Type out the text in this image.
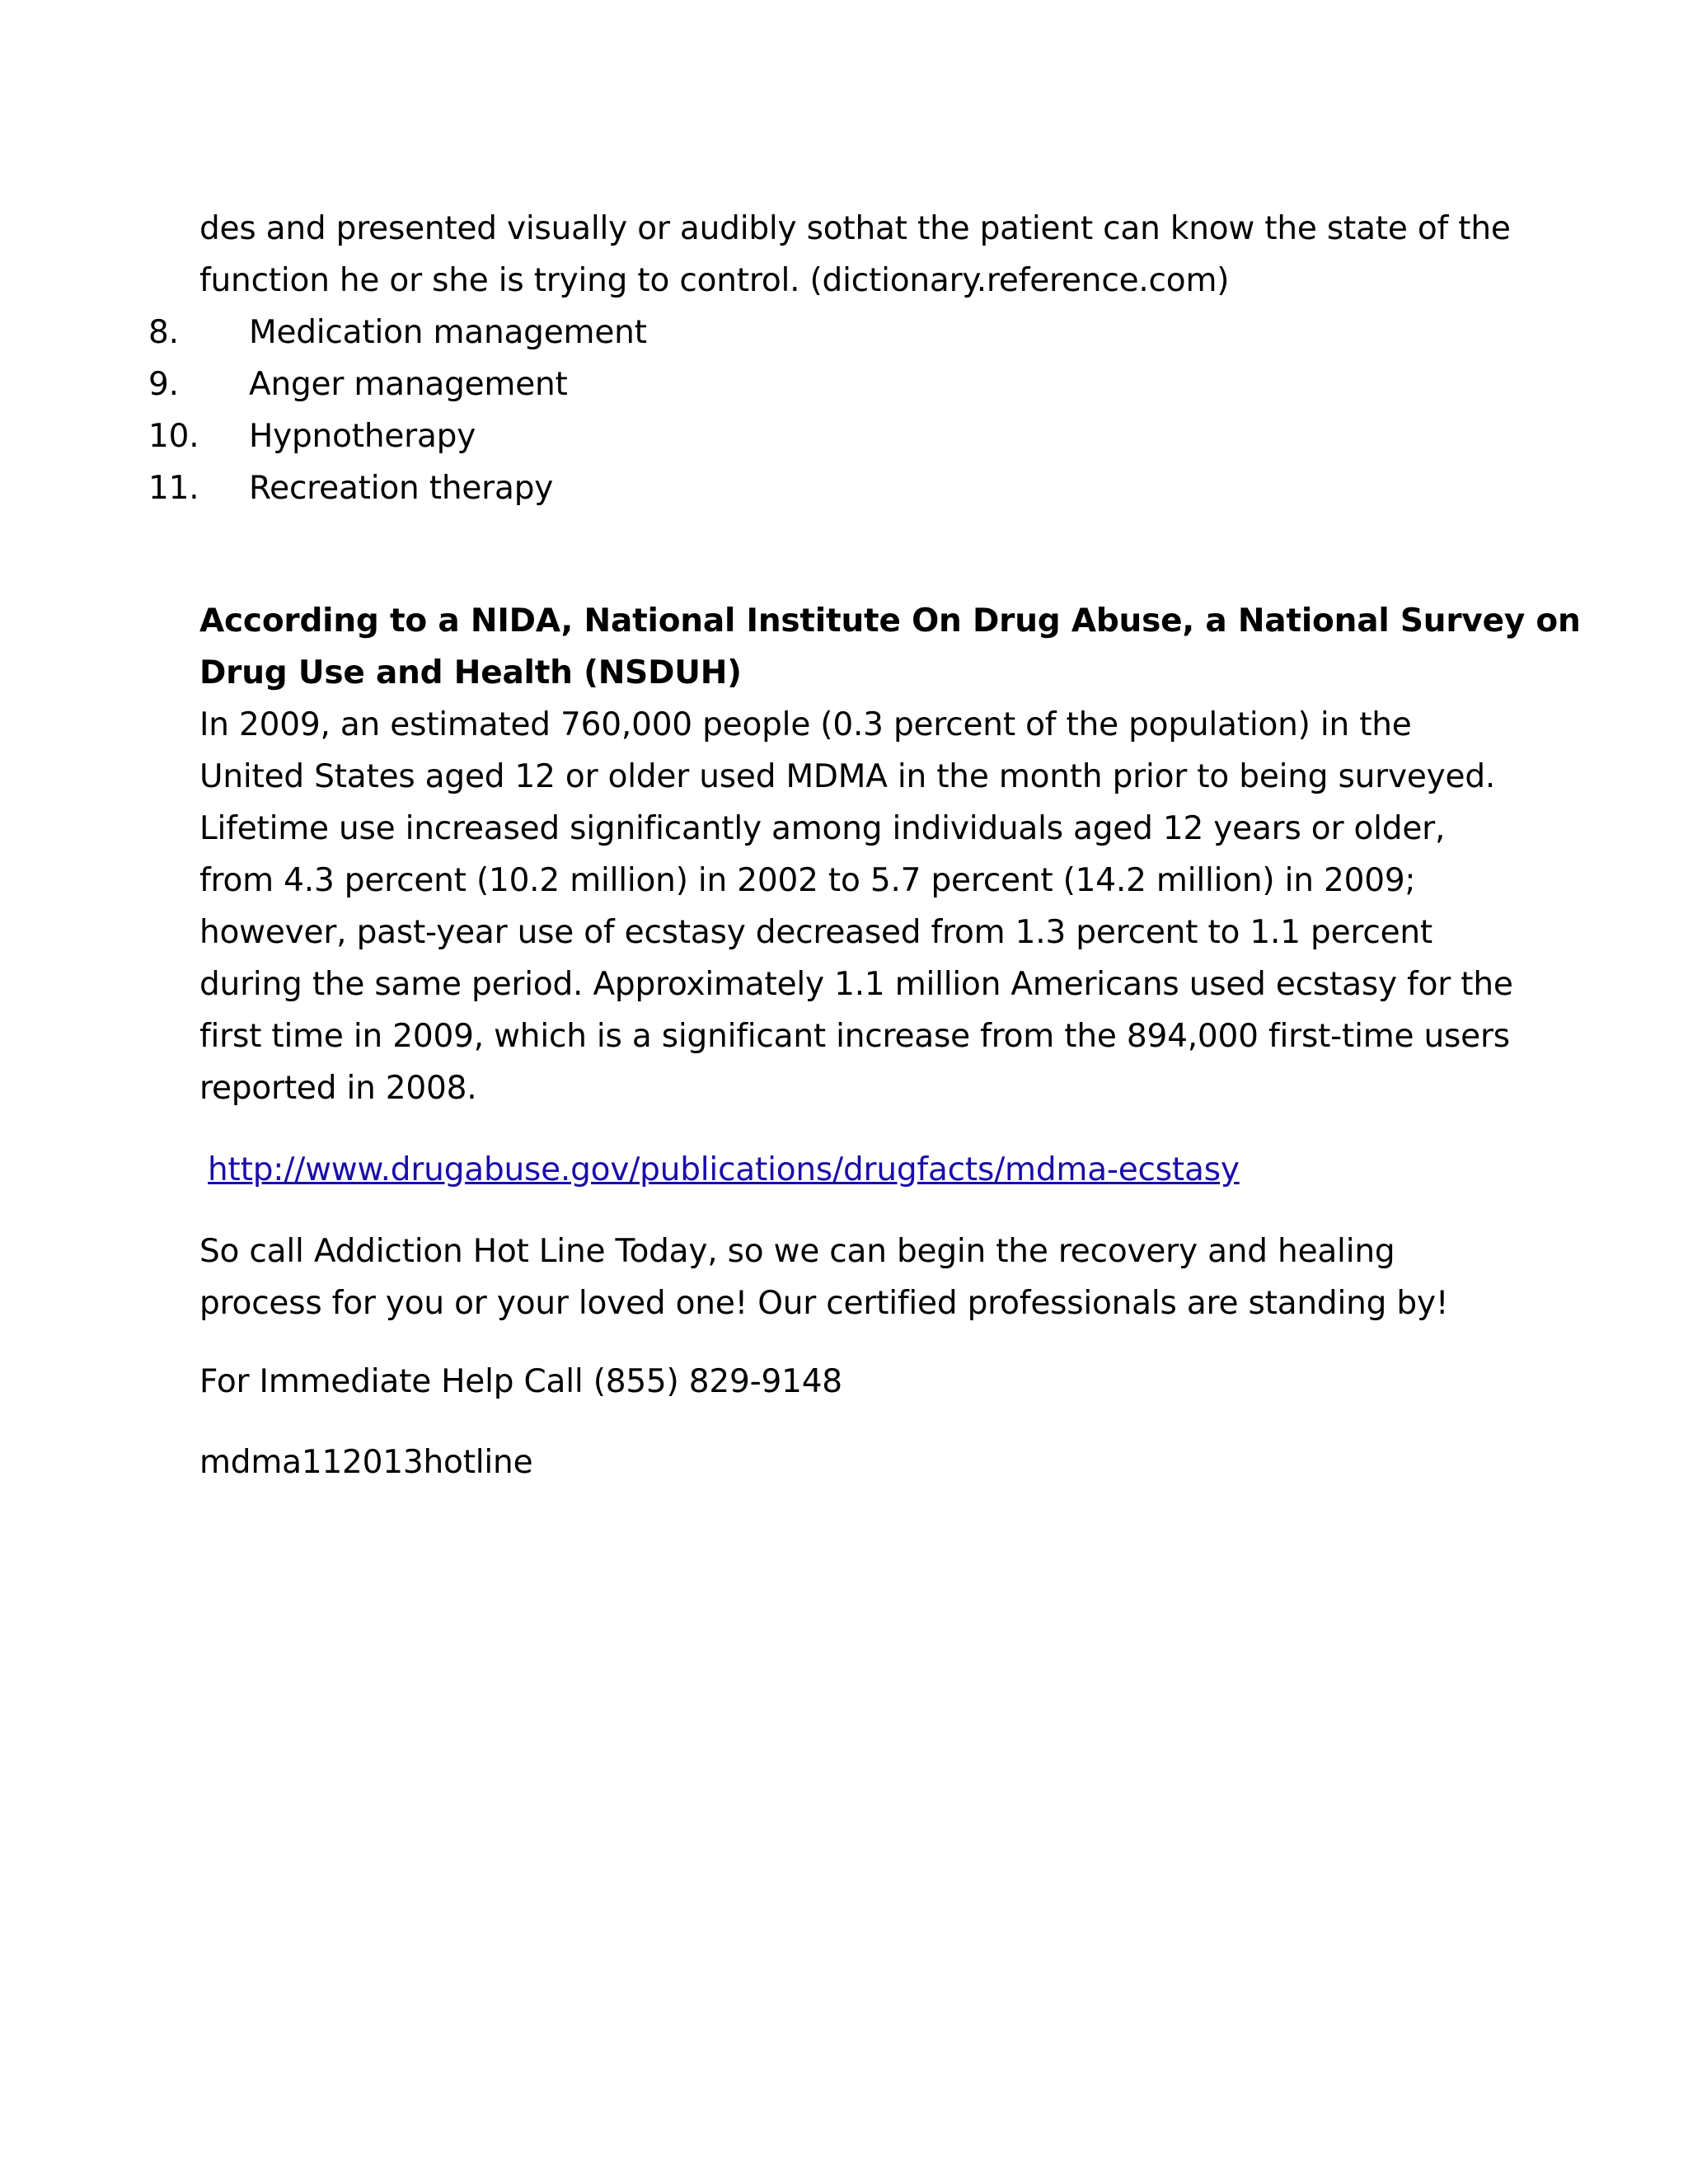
des and presented visually or audibly sothat the patient can know the state of the
function he or she is trying to control. (dictionary.reference.com)
8.	Medication management
9.	Anger management
10.	Hypnotherapy
11.	Recreation therapy
According to a NIDA, National Institute On Drug Abuse, a National Survey on
Drug Use and Health (NSDUH)
In 2009, an estimated 760,000 people (0.3 percent of the population) in the
United States aged 12 or older used MDMA in the month prior to being surveyed.
Lifetime use increased significantly among individuals aged 12 years or older,
from 4.3 percent (10.2 million) in 2002 to 5.7 percent (14.2 million) in 2009;
however, past-year use of ecstasy decreased from 1.3 percent to 1.1 percent
during the same period. Approximately 1.1 million Americans used ecstasy for the
first time in 2009, which is a significant increase from the 894,000 first-time users
reported in 2008.
http://www.drugabuse.gov/publications/drugfacts/mdma-ecstasy
So call Addiction Hot Line Today, so we can begin the recovery and healing
process for you or your loved one! Our certified professionals are standing by!
For Immediate Help Call (855) 829-9148
mdma112013hotline
